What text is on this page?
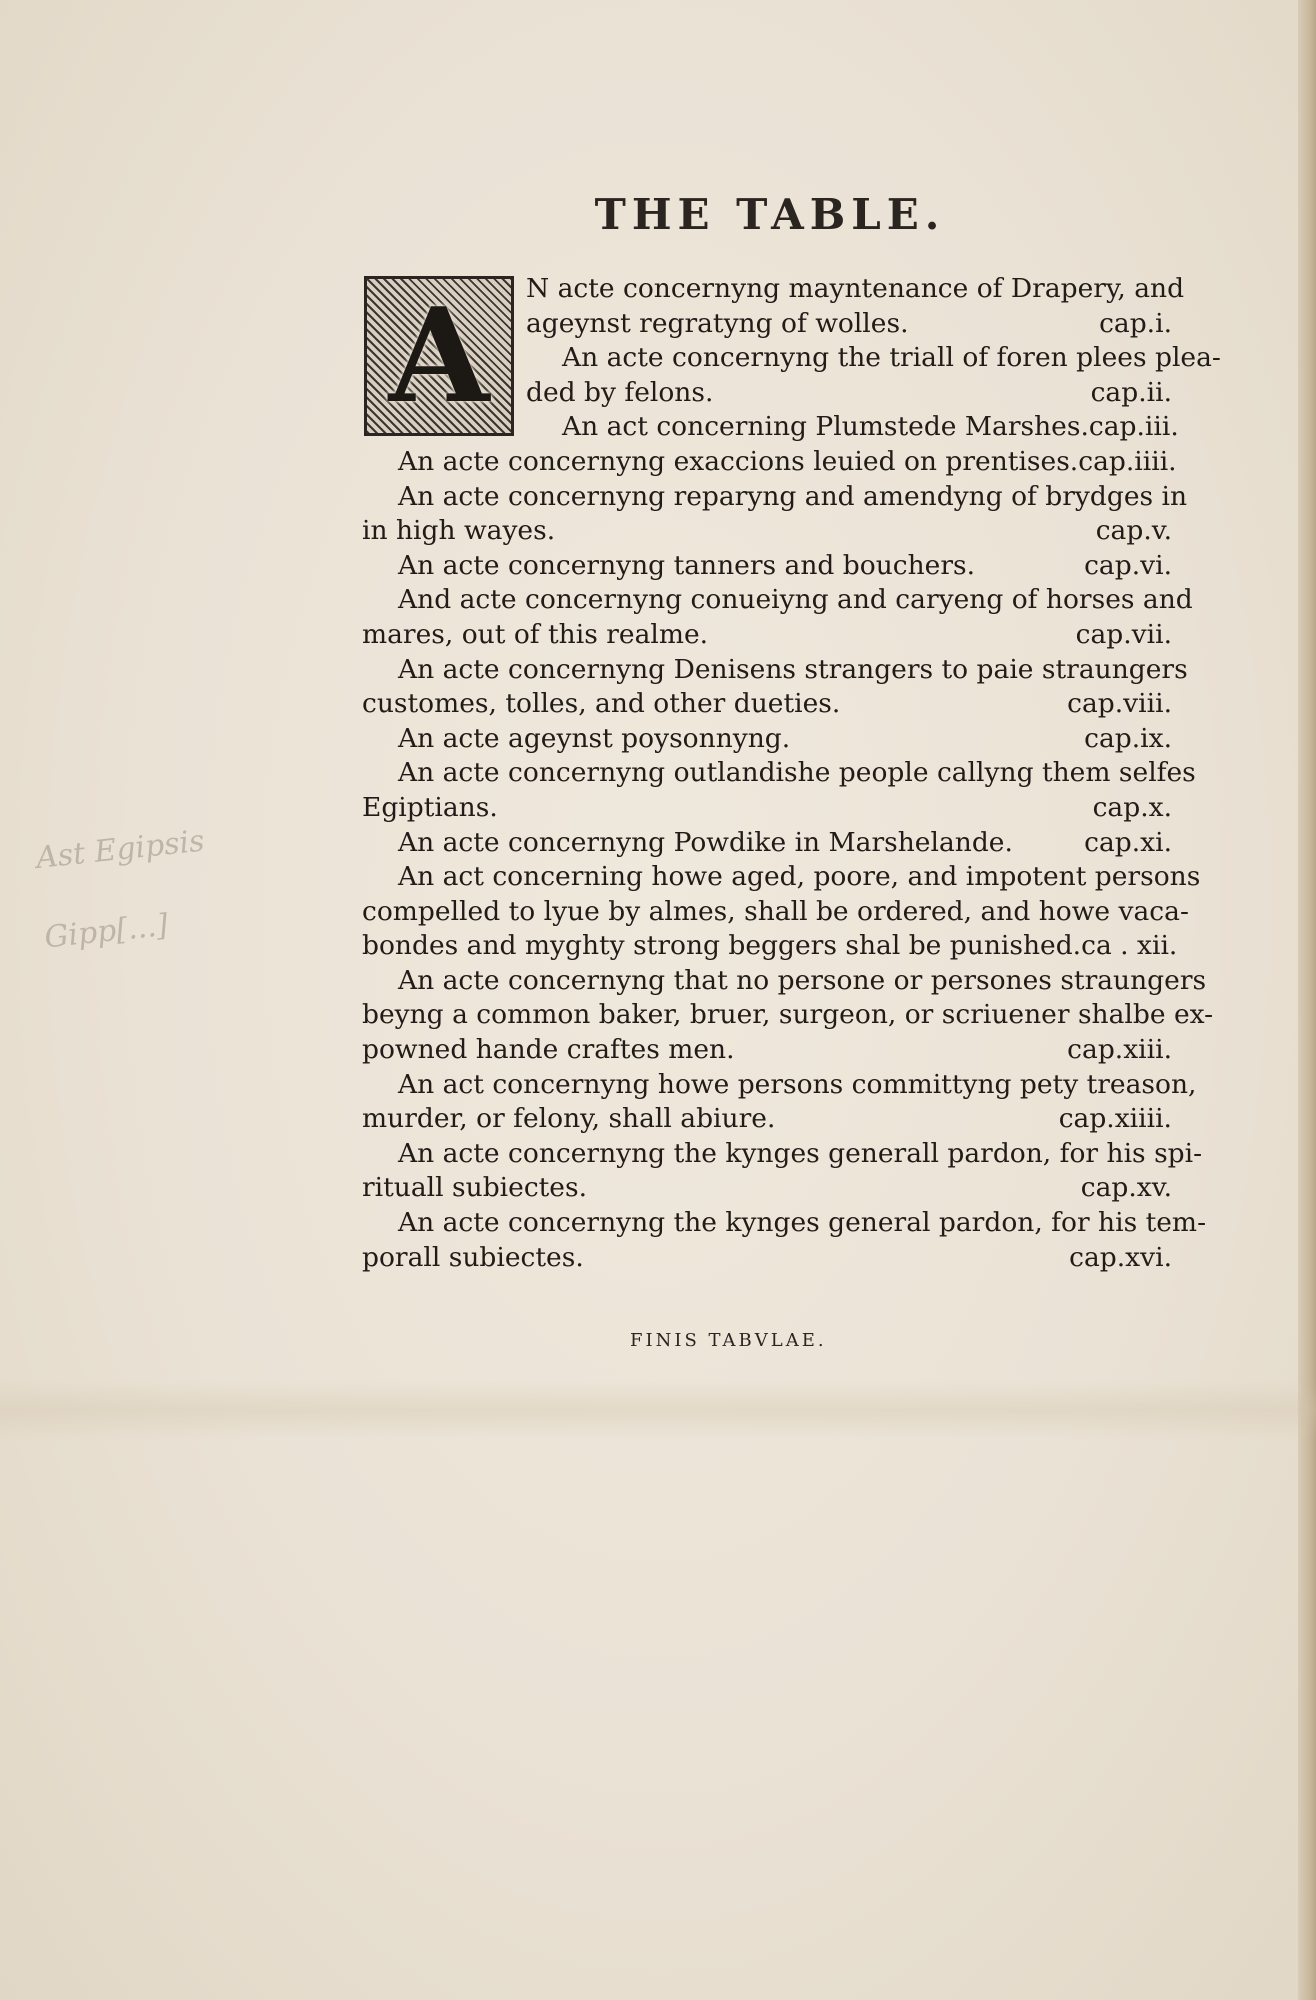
Ast Egipsis
Gipp[...]
THE TABLE.
A	N acte concernyng mayntenance of Drapery, and
ageynst regratyng of wolles.	cap.i.
An acte concernyng the triall of foren plees plea-
ded by felons.	cap.ii.
An act concerning Plumstede Marshes. cap.iii.
An acte concernyng exaccions leuied on prentises. cap.iiii.
An acte concernyng reparyng and amendyng of brydges in
in high wayes.	cap.v.
An acte concernyng tanners and bouchers.	cap.vi.
And acte concernyng conueiyng and caryeng of horses and
mares, out of this realme.	cap.vii.
An acte concernyng Denisens strangers to paie straungers
customes, tolles, and other dueties.	cap.viii.
An acte ageynst poysonnyng.	cap.ix.
An acte concernyng outlandishe people callyng them selfes
Egiptians.	cap.x.
An acte concernyng Powdike in Marshelande.	cap.xi.
An act concerning howe aged, poore, and impotent persons
compelled to lyue by almes, shall be ordered, and howe vaca-
bondes and myghty strong beggers shal be punished. ca . xii.
An acte concernyng that no persone or persones straungers
beyng a common baker, bruer, surgeon, or scriuener shalbe ex-
powned hande craftes men.	cap.xiii.
An act concernyng howe persons committyng pety treason,
murder, or felony, shall abiure.	cap.xiiii.
An acte concernyng the kynges generall pardon, for his spi-
rituall subiectes.	cap.xv.
An acte concernyng the kynges general pardon, for his tem-
porall subiectes.	cap.xvi.
FINIS TABVLAE.
